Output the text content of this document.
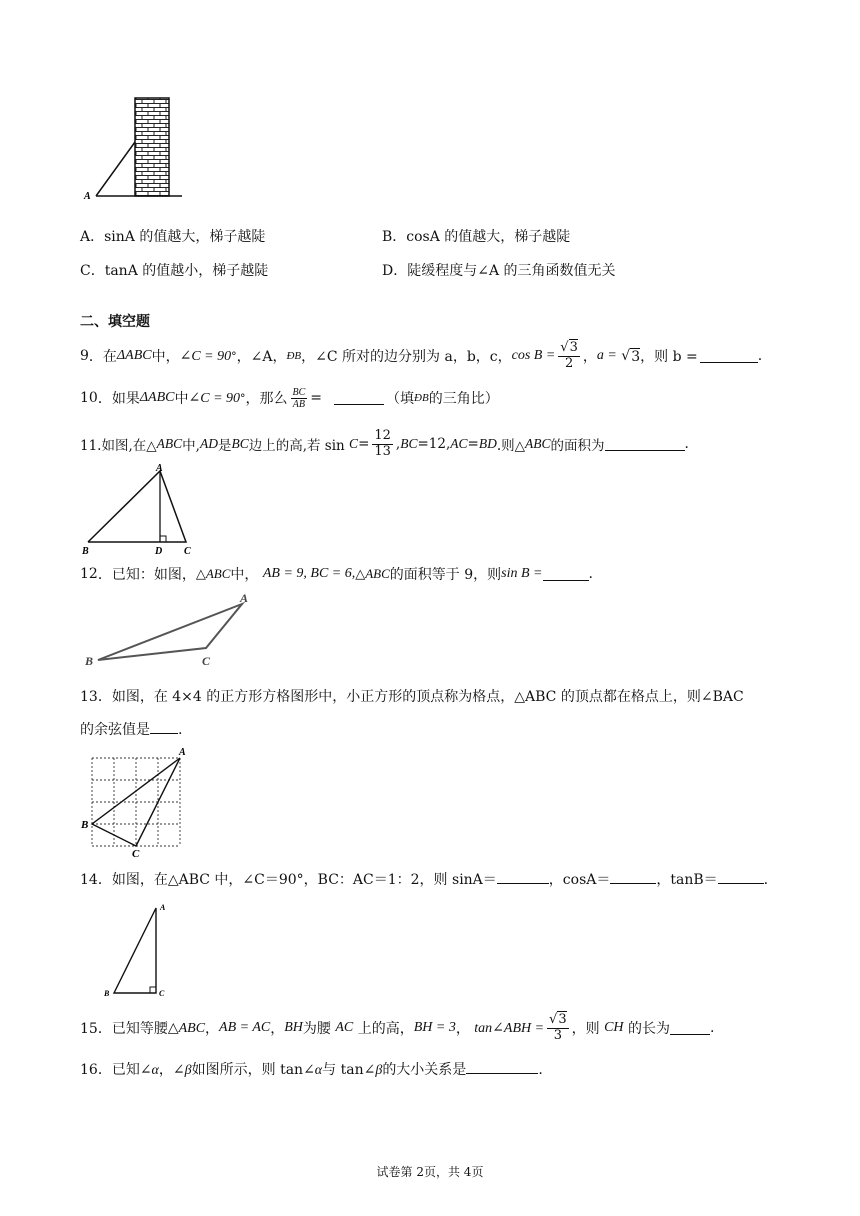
A
A．sinA 的值越大，梯子越陡	B．cosA 的值越大，梯子越陡
C．tanA 的值越小，梯子越陡	D．陡缓程度与∠A 的三角函数值无关
二、填空题
9 ． 在 ΔABC 中， ∠C = 90 ° ，∠A， ÐB ，∠C 所对的边分别为 a，b，c， $\cos B = \frac{√3}{2}$ ， a = √ 3 ，则 b =	.
10 ． 如果 ΔABC 中 ∠C = 90 ° ，那么 $\frac{BC}{AB}$ =	（填 ÐB 的三角比）
11.如图,在△ ABC 中, AD 是 BC 边上的高,若 sin
$C = \frac{12}{13}$ , BC =12, AC = BD .则△ ABC 的面积为	.
A
B	D C
12 ．已知：如图， △ABC 中，
AB = 9, BC = 6, △ABC 的面积等于 9，则 sin B =	.
A
B	C
13．如图，在 4×4 的正方形方格图形中，小正方形的顶点称为格点，△ABC 的顶点都在格点上，则∠BAC
的余弦值是 .
A
B
C
14．如图，在△ABC 中，∠C＝90°，BC：AC＝1：2，则 sinA＝	，cosA＝	，tanB＝	.
A
B	C
15．已知等腰 △ABC ， AB = AC ， BH 为腰
AC
上的高， BH = 3 ，
tan∠ABH = $\frac{√3}{3}$ ，则
CH
的长为	.
16．已知∠α，∠β如图所示，则 tan∠α与 tan∠β的大小关系是	.
试卷第 2页，共 4页
